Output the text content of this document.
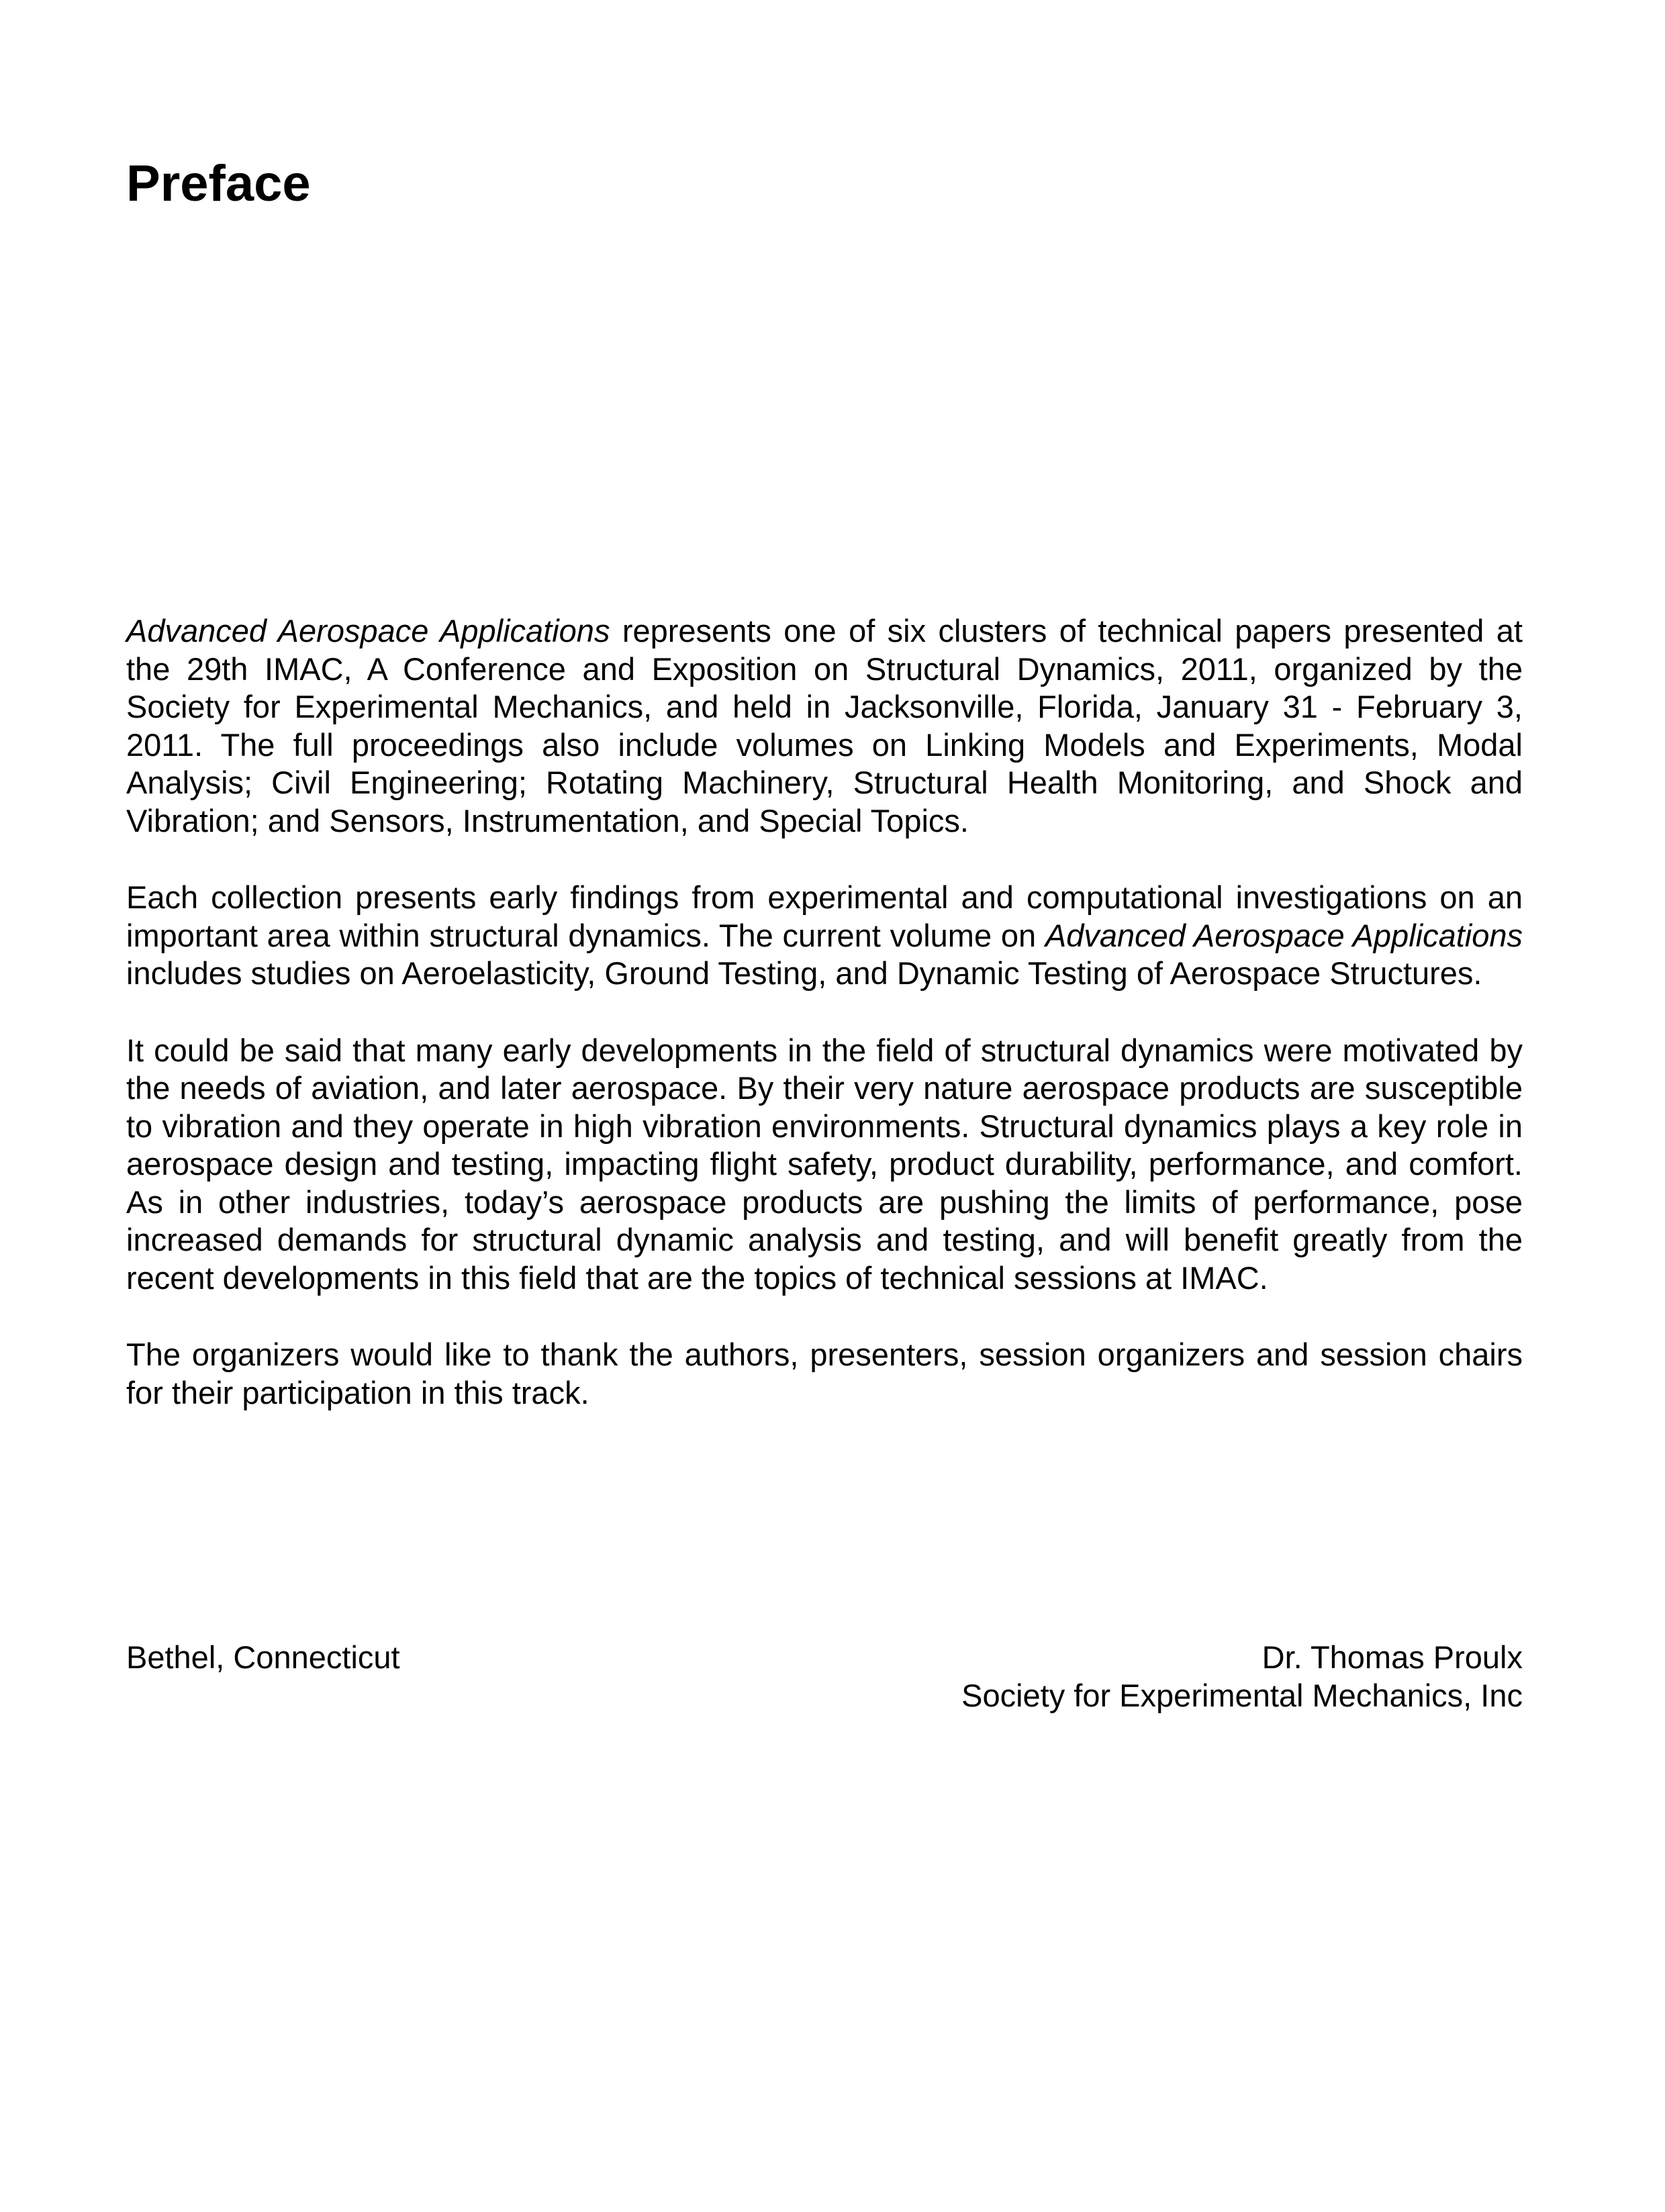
Preface

Advanced Aerospace Applications represents one of six clusters of technical papers presented at the 29th IMAC, A Conference and Exposition on Structural Dynamics, 2011, organized by the Society for Experimental Mechanics, and held in Jacksonville, Florida, January 31 - February 3, 2011. The full proceedings also include volumes on Linking Models and Experiments, Modal Analysis; Civil Engineering; Rotating Machinery, Structural Health Monitoring, and Shock and Vibration; and Sensors, Instrumentation, and Special Topics.

Each collection presents early findings from experimental and computational investigations on an important area within structural dynamics. The current volume on Advanced Aerospace Applications includes studies on Aeroelasticity, Ground Testing, and Dynamic Testing of Aerospace Structures.

It could be said that many early developments in the field of structural dynamics were motivated by the needs of aviation, and later aerospace. By their very nature aerospace products are susceptible to vibration and they operate in high vibration environments. Structural dynamics plays a key role in aerospace design and testing, impacting flight safety, product durability, performance, and comfort. As in other industries, today’s aerospace products are pushing the limits of performance, pose increased demands for structural dynamic analysis and testing, and will benefit greatly from the recent developments in this field that are the topics of technical sessions at IMAC.

The organizers would like to thank the authors, presenters, session organizers and session chairs for their participation in this track.

Bethel, Connecticut	Dr. Thomas Proulx
Society for Experimental Mechanics, Inc
